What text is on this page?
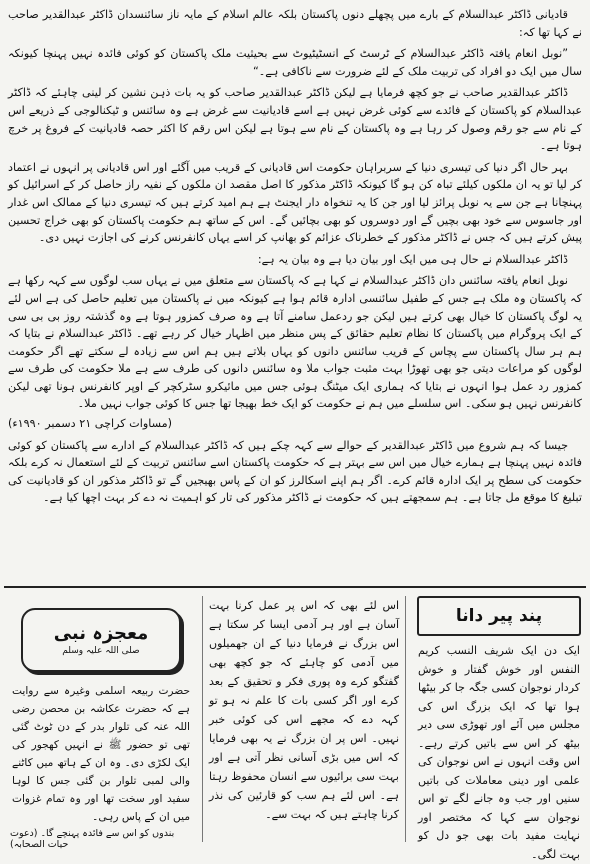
قادیانی ڈاکٹر عبدالسلام کے بارے میں پچھلے دنوں پاکستان بلکہ عالم اسلام کے مایہ ناز سائنسدان ڈاکٹر عبدالقدیر صاحب نے کہا تھا کہ:

”نوبل انعام یافتہ ڈاکٹر عبدالسلام کے ٹرسٹ کے انسٹیٹیوٹ سے بحیثیت ملک پاکستان کو کوئی فائدہ نہیں پہنچا کیونکہ سال میں ایک دو افراد کی تربیت ملک کے لئے ضرورت سے ناکافی ہے۔“

ڈاکٹر عبدالقدیر صاحب نے جو کچھ فرمایا ہے لیکن ڈاکٹر عبدالقدیر صاحب کو یہ بات ذہن نشین کر لینی چاہئے کہ ڈاکٹر عبدالسلام کو پاکستان کے فائدے سے کوئی غرض نہیں ہے اسے قادیانیت سے غرض ہے وہ سائنس و ٹیکنالوجی کے ذریعے اس کے نام سے جو رقم وصول کر رہا ہے وہ پاکستان کے نام سے ہوتا ہے لیکن اس رقم کا اکثر حصہ قادیانیت کے فروغ پر خرچ ہوتا ہے۔

بہر حال اگر دنیا کی تیسری دنیا کے سربراہان حکومت اس قادیانی کے قریب میں آگئے اور اس قادیانی پر انہوں نے اعتماد کر لیا تو یہ ان ملکوں کیلئے تباہ کن ہو گا کیونکہ ڈاکٹر مذکور کا اصل مقصد ان ملکوں کے نفیہ راز حاصل کر کے اسرائیل کو پہنچانا ہے جن سے یہ نوبل پرائز لیا اور جن کا یہ تنخواہ دار ایجنٹ ہے ہم امید کرتے ہیں کہ تیسری دنیا کے ممالک اس غدار اور جاسوس سے خود بھی بچیں گے اور دوسروں کو بھی بچائیں گے۔ اس کے ساتھ ہم حکومت پاکستان کو بھی خراج تحسین پیش کرتے ہیں کہ جس نے ڈاکٹر مذکور کے خطرناک عزائم کو بھانپ کر اسے یہاں کانفرنس کرنے کی اجازت نہیں دی۔

ڈاکٹر عبدالسلام نے حال ہی میں ایک اور بیان دیا ہے وہ بیان یہ ہے:

نوبل انعام یافتہ سائنس دان ڈاکٹر عبدالسلام نے کہا ہے کہ پاکستان سے متعلق میں نے یہاں سب لوگوں سے کہہ رکھا ہے کہ پاکستان وہ ملک ہے جس کے طفیل سائنسی ادارہ قائم ہوا ہے کیونکہ میں نے پاکستان میں تعلیم حاصل کی ہے اس لئے یہ لوگ پاکستان کا خیال بھی کرتے ہیں لیکن جو ردعمل سامنے آتا ہے وہ صرف کمزور ہوتا ہے وہ گذشتہ روز بی بی سی کے ایک پروگرام میں پاکستان کا نظام تعلیم حقائق کے پس منظر میں اظہار خیال کر رہے تھے۔ ڈاکٹر عبدالسلام نے بتایا کہ ہم ہر سال پاکستان سے پچاس کے قریب سائنس دانوں کو یہاں بلاتے ہیں ہم اس سے زیادہ لے سکتے تھے اگر حکومت لوگوں کو مراعات دیتی جو بھی تھوڑا بہت مثبت جواب ملا وہ سائنس دانوں کی طرف سے ہے ملا حکومت کی طرف سے کمزور رد عمل ہوا انہوں نے بتایا کہ ہماری ایک میٹنگ ہوئی جس میں مائیکرو سٹرکچر کے اوپر کانفرنس ہونا تھی لیکن کانفرنس نہیں ہو سکی۔ اس سلسلے میں ہم نے حکومت کو ایک خط بھیجا تھا جس کا کوئی جواب نہیں ملا۔

(مساوات کراچی ۲۱ دسمبر ۱۹۹۰ء)

جیسا کہ ہم شروع میں ڈاکٹر عبدالقدیر کے حوالے سے کہہ چکے ہیں کہ ڈاکٹر عبدالسلام کے ادارے سے پاکستان کو کوئی فائدہ نہیں پہنچا ہے ہمارے خیال میں اس سے بہتر ہے کہ حکومت پاکستان اسے سائنس تربیت کے لئے استعمال نہ کرے بلکہ حکومت کی سطح پر ایک ادارہ قائم کرے۔ اگر ہم اپنے اسکالرز کو ان کے پاس بھیجیں گے تو ڈاکٹر مذکور ان کو قادیانیت کی تبلیغ کا موقع مل جاتا ہے۔ ہم سمجھتے ہیں کہ حکومت نے ڈاکٹر مذکور کی تار کو اہمیت نہ دے کر بہت اچھا کیا ہے۔

پند پیر دانا
ایک دن ایک شریف النسب کریم النفس اور خوش گفتار و خوش کردار نوجوان کسی جگہ جا کر بیٹھا ہوا تھا کہ ایک بزرگ اس کی مجلس میں آئے اور تھوڑی سی دیر بیٹھ کر اس سے باتیں کرتے رہے۔ اس وقت انہوں نے اس نوجوان کی علمی اور دینی معاملات کی باتیں سنیں اور جب وہ جانے لگے تو اس نوجوان سے کہا کہ مختصر اور نہایت مفید بات بھی جو دل کو بہت لگی۔
اس لئے بھی کہ اس پر عمل کرنا بہت آسان ہے اور ہر آدمی ایسا کر سکتا ہے اس بزرگ نے فرمایا دنیا کے ان جھمیلوں میں آدمی کو چاہئے کہ جو کچھ بھی گفتگو کرے وہ پوری فکر و تحقیق کے بعد کرے اور اگر کسی بات کا علم نہ ہو تو کہہ دے کہ مجھے اس کی کوئی خبر نہیں۔ اس پر ان بزرگ نے یہ بھی فرمایا کہ اس میں بڑی آسانی نظر آتی ہے اور بہت سی برائیوں سے انسان محفوظ رہتا ہے۔ اس لئے ہم سب کو قارئین کی نذر کرنا چاہتے ہیں کہ بہت سے۔
معجزہ نبی
صلی اللہ علیہ وسلم
حضرت ربیعہ اسلمی وغیرہ سے روایت ہے کہ حضرت عکاشہ بن محصن رضی اللہ عنہ کی تلوار بدر کے دن ٹوٹ گئی تھی تو حضور ﷺ نے انہیں کھجور کی ایک لکڑی دی۔ وہ ان کے ہاتھ میں کاٹنے والی لمبی تلوار بن گئی جس کا لوہا سفید اور سخت تھا اور وہ تمام غزوات میں ان کے پاس رہی۔
بندوں کو اس سے فائدہ پہنچے گا۔ (دعوت حیات الصحابہ)
